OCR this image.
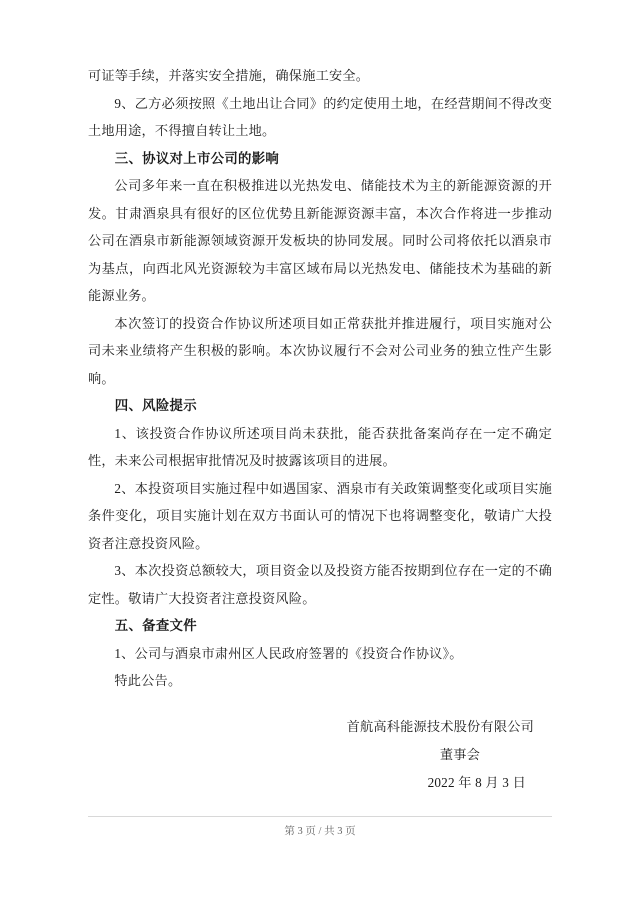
可证等手续，并落实安全措施，确保施工安全。

9、乙方必须按照《土地出让合同》的约定使用土地，在经营期间不得改变土地用途，不得擅自转让土地。

三、协议对上市公司的影响

公司多年来一直在积极推进以光热发电、储能技术为主的新能源资源的开发。甘肃酒泉具有很好的区位优势且新能源资源丰富，本次合作将进一步推动公司在酒泉市新能源领域资源开发板块的协同发展。同时公司将依托以酒泉市为基点，向西北风光资源较为丰富区域布局以光热发电、储能技术为基础的新能源业务。

本次签订的投资合作协议所述项目如正常获批并推进履行，项目实施对公司未来业绩将产生积极的影响。本次协议履行不会对公司业务的独立性产生影响。

四、风险提示

1、该投资合作协议所述项目尚未获批，能否获批备案尚存在一定不确定性，未来公司根据审批情况及时披露该项目的进展。

2、本投资项目实施过程中如遇国家、酒泉市有关政策调整变化或项目实施条件变化，项目实施计划在双方书面认可的情况下也将调整变化，敬请广大投资者注意投资风险。

3、本次投资总额较大，项目资金以及投资方能否按期到位存在一定的不确定性。敬请广大投资者注意投资风险。

五、备查文件

1、公司与酒泉市肃州区人民政府签署的《投资合作协议》。

特此公告。

首航高科能源技术股份有限公司

董事会

2022 年 8 月 3 日

第 3 页 / 共 3 页
